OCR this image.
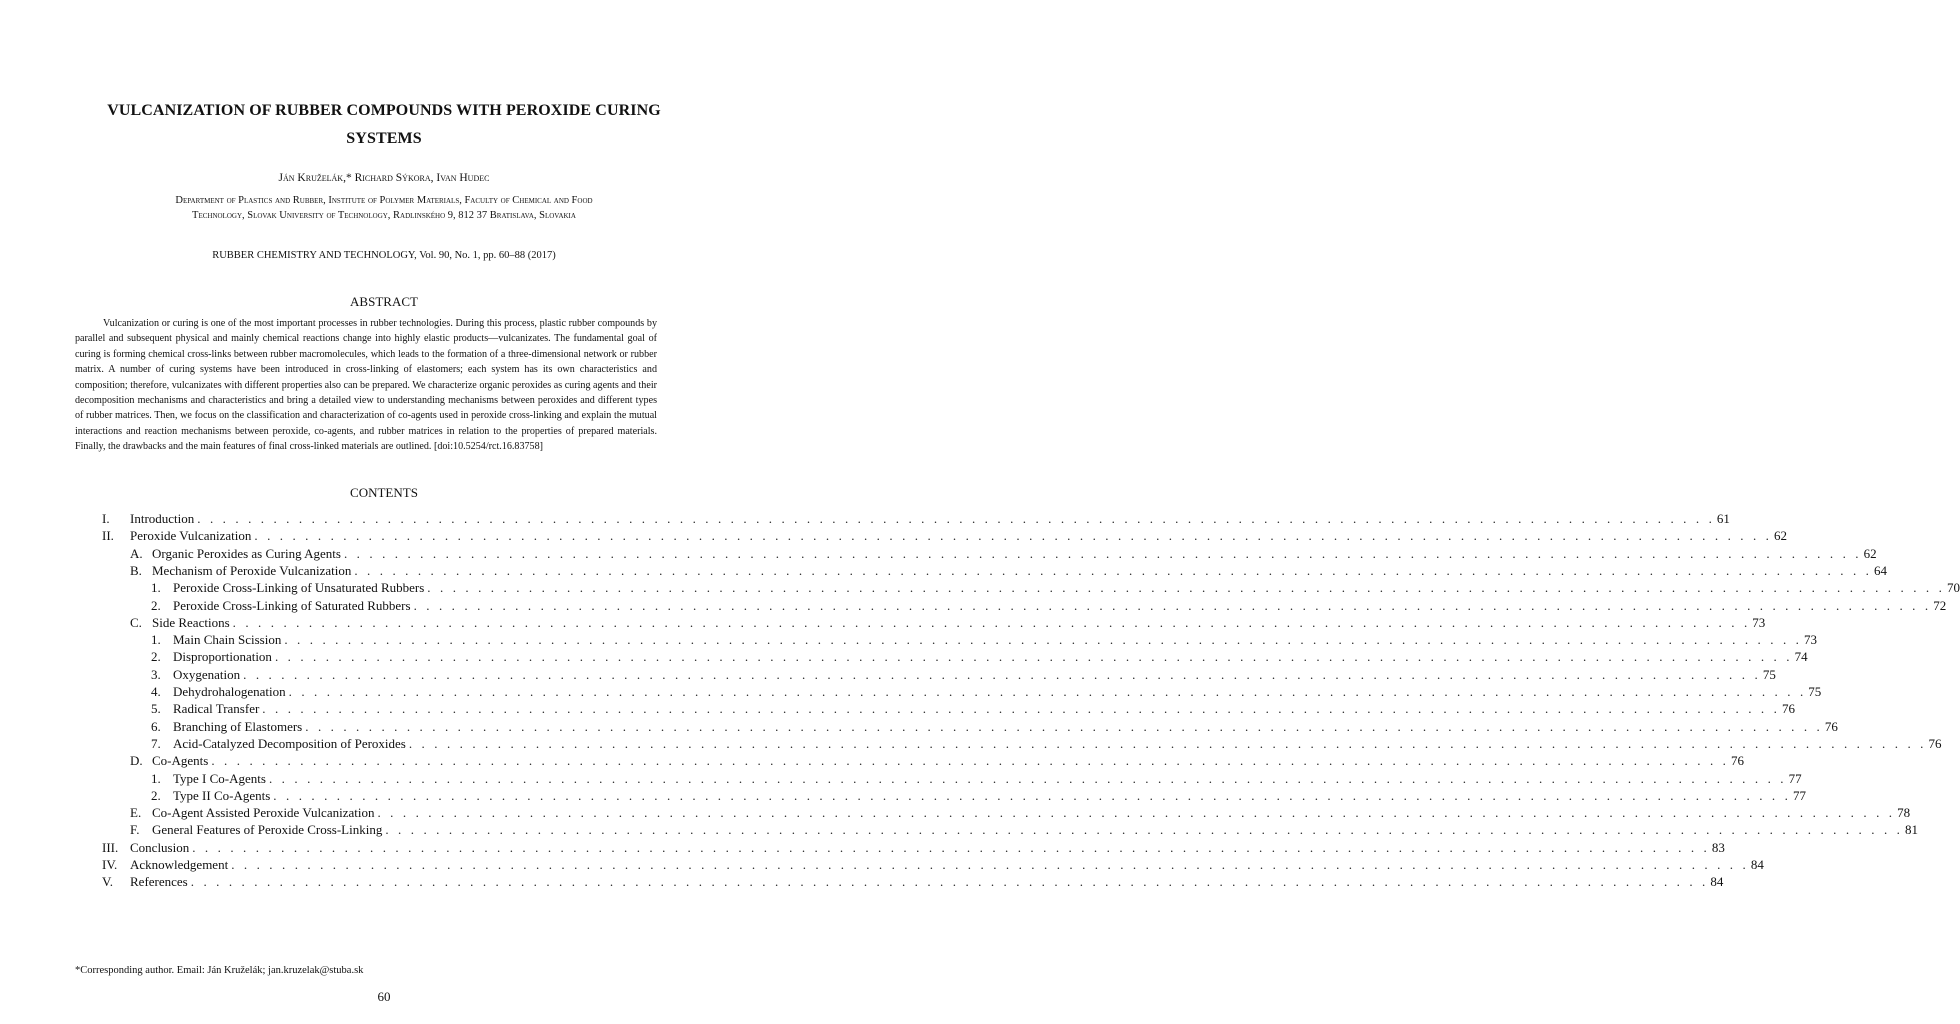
VULCANIZATION OF RUBBER COMPOUNDS WITH PEROXIDE CURING
SYSTEMS
Ján Kruželák,* Richard Sýkora, Ivan Hudec
Department of Plastics and Rubber, Institute of Polymer Materials, Faculty of Chemical and Food
Technology, Slovak University of Technology, Radlinského 9, 812 37 Bratislava, Slovakia
RUBBER CHEMISTRY AND TECHNOLOGY, Vol. 90, No. 1, pp. 60–88 (2017)
ABSTRACT

Vulcanization or curing is one of the most important processes in rubber technologies. During this process, plastic rubber compounds by parallel and subsequent physical and mainly chemical reactions change into highly elastic products—vulcanizates. The fundamental goal of curing is forming chemical cross-links between rubber macromolecules, which leads to the formation of a three-dimensional network or rubber matrix. A number of curing systems have been introduced in cross-linking of elastomers; each system has its own characteristics and composition; therefore, vulcanizates with different properties also can be prepared. We characterize organic peroxides as curing agents and their decomposition mechanisms and characteristics and bring a detailed view to understanding mechanisms between peroxides and different types of rubber matrices. Then, we focus on the classification and characterization of co-agents used in peroxide cross-linking and explain the mutual interactions and reaction mechanisms between peroxide, co-agents, and rubber matrices in relation to the properties of prepared materials. Finally, the drawbacks and the main features of final cross-linked materials are outlined. [doi:10.5254/rct.16.83758]

CONTENTS
I.	Introduction . . . . . . . . . . . . . . . . . . . . . . . . . . . . . . . . . . . . . . . . . . . . . . . . . . . . . . . . . . . . . . . . . . . . . . . . . . . . . . . . . . . . . . . . . . . . . . . . . . . . . . . . . . . . . . . . . . . . . . . . 61
II.	Peroxide Vulcanization . . . . . . . . . . . . . . . . . . . . . . . . . . . . . . . . . . . . . . . . . . . . . . . . . . . . . . . . . . . . . . . . . . . . . . . . . . . . . . . . . . . . . . . . . . . . . . . . . . . . . . . . . . . . . . . . . . . . . . . . 62
A. Organic Peroxides as Curing Agents . . . . . . . . . . . . . . . . . . . . . . . . . . . . . . . . . . . . . . . . . . . . . . . . . . . . . . . . . . . . . . . . . . . . . . . . . . . . . . . . . . . . . . . . . . . . . . . . . . . . . . . . . . . . . . . . . . . . . . . . 62
B. Mechanism of Peroxide Vulcanization . . . . . . . . . . . . . . . . . . . . . . . . . . . . . . . . . . . . . . . . . . . . . . . . . . . . . . . . . . . . . . . . . . . . . . . . . . . . . . . . . . . . . . . . . . . . . . . . . . . . . . . . . . . . . . . . . . . . . . . . 64
1. Peroxide Cross-Linking of Unsaturated Rubbers . . . . . . . . . . . . . . . . . . . . . . . . . . . . . . . . . . . . . . . . . . . . . . . . . . . . . . . . . . . . . . . . . . . . . . . . . . . . . . . . . . . . . . . . . . . . . . . . . . . . . . . . . . . . . . . . . . . . . . . . 70
2. Peroxide Cross-Linking of Saturated Rubbers . . . . . . . . . . . . . . . . . . . . . . . . . . . . . . . . . . . . . . . . . . . . . . . . . . . . . . . . . . . . . . . . . . . . . . . . . . . . . . . . . . . . . . . . . . . . . . . . . . . . . . . . . . . . . . . . . . . . . . . . 72
C. Side Reactions . . . . . . . . . . . . . . . . . . . . . . . . . . . . . . . . . . . . . . . . . . . . . . . . . . . . . . . . . . . . . . . . . . . . . . . . . . . . . . . . . . . . . . . . . . . . . . . . . . . . . . . . . . . . . . . . . . . . . . . . 73
1. Main Chain Scission . . . . . . . . . . . . . . . . . . . . . . . . . . . . . . . . . . . . . . . . . . . . . . . . . . . . . . . . . . . . . . . . . . . . . . . . . . . . . . . . . . . . . . . . . . . . . . . . . . . . . . . . . . . . . . . . . . . . . . . . 73
2. Disproportionation . . . . . . . . . . . . . . . . . . . . . . . . . . . . . . . . . . . . . . . . . . . . . . . . . . . . . . . . . . . . . . . . . . . . . . . . . . . . . . . . . . . . . . . . . . . . . . . . . . . . . . . . . . . . . . . . . . . . . . . . 74
3. Oxygenation . . . . . . . . . . . . . . . . . . . . . . . . . . . . . . . . . . . . . . . . . . . . . . . . . . . . . . . . . . . . . . . . . . . . . . . . . . . . . . . . . . . . . . . . . . . . . . . . . . . . . . . . . . . . . . . . . . . . . . . . 75
4. Dehydrohalogenation . . . . . . . . . . . . . . . . . . . . . . . . . . . . . . . . . . . . . . . . . . . . . . . . . . . . . . . . . . . . . . . . . . . . . . . . . . . . . . . . . . . . . . . . . . . . . . . . . . . . . . . . . . . . . . . . . . . . . . . . 75
5. Radical Transfer . . . . . . . . . . . . . . . . . . . . . . . . . . . . . . . . . . . . . . . . . . . . . . . . . . . . . . . . . . . . . . . . . . . . . . . . . . . . . . . . . . . . . . . . . . . . . . . . . . . . . . . . . . . . . . . . . . . . . . . . 76
6. Branching of Elastomers . . . . . . . . . . . . . . . . . . . . . . . . . . . . . . . . . . . . . . . . . . . . . . . . . . . . . . . . . . . . . . . . . . . . . . . . . . . . . . . . . . . . . . . . . . . . . . . . . . . . . . . . . . . . . . . . . . . . . . . . 76
7. Acid-Catalyzed Decomposition of Peroxides . . . . . . . . . . . . . . . . . . . . . . . . . . . . . . . . . . . . . . . . . . . . . . . . . . . . . . . . . . . . . . . . . . . . . . . . . . . . . . . . . . . . . . . . . . . . . . . . . . . . . . . . . . . . . . . . . . . . . . . . 76
D. Co-Agents . . . . . . . . . . . . . . . . . . . . . . . . . . . . . . . . . . . . . . . . . . . . . . . . . . . . . . . . . . . . . . . . . . . . . . . . . . . . . . . . . . . . . . . . . . . . . . . . . . . . . . . . . . . . . . . . . . . . . . . . 76
1. Type I Co-Agents . . . . . . . . . . . . . . . . . . . . . . . . . . . . . . . . . . . . . . . . . . . . . . . . . . . . . . . . . . . . . . . . . . . . . . . . . . . . . . . . . . . . . . . . . . . . . . . . . . . . . . . . . . . . . . . . . . . . . . . . 77
2. Type II Co-Agents . . . . . . . . . . . . . . . . . . . . . . . . . . . . . . . . . . . . . . . . . . . . . . . . . . . . . . . . . . . . . . . . . . . . . . . . . . . . . . . . . . . . . . . . . . . . . . . . . . . . . . . . . . . . . . . . . . . . . . . . 77
E. Co-Agent Assisted Peroxide Vulcanization . . . . . . . . . . . . . . . . . . . . . . . . . . . . . . . . . . . . . . . . . . . . . . . . . . . . . . . . . . . . . . . . . . . . . . . . . . . . . . . . . . . . . . . . . . . . . . . . . . . . . . . . . . . . . . . . . . . . . . . . 78
F. General Features of Peroxide Cross-Linking . . . . . . . . . . . . . . . . . . . . . . . . . . . . . . . . . . . . . . . . . . . . . . . . . . . . . . . . . . . . . . . . . . . . . . . . . . . . . . . . . . . . . . . . . . . . . . . . . . . . . . . . . . . . . . . . . . . . . . . . 81
III. Conclusion . . . . . . . . . . . . . . . . . . . . . . . . . . . . . . . . . . . . . . . . . . . . . . . . . . . . . . . . . . . . . . . . . . . . . . . . . . . . . . . . . . . . . . . . . . . . . . . . . . . . . . . . . . . . . . . . . . . . . . . . 83
IV. Acknowledgement . . . . . . . . . . . . . . . . . . . . . . . . . . . . . . . . . . . . . . . . . . . . . . . . . . . . . . . . . . . . . . . . . . . . . . . . . . . . . . . . . . . . . . . . . . . . . . . . . . . . . . . . . . . . . . . . . . . . . . . . 84
V.	References . . . . . . . . . . . . . . . . . . . . . . . . . . . . . . . . . . . . . . . . . . . . . . . . . . . . . . . . . . . . . . . . . . . . . . . . . . . . . . . . . . . . . . . . . . . . . . . . . . . . . . . . . . . . . . . . . . . . . . . . 84
*Corresponding author. Email: Ján Kruželák; jan.kruzelak@stuba.sk
60
